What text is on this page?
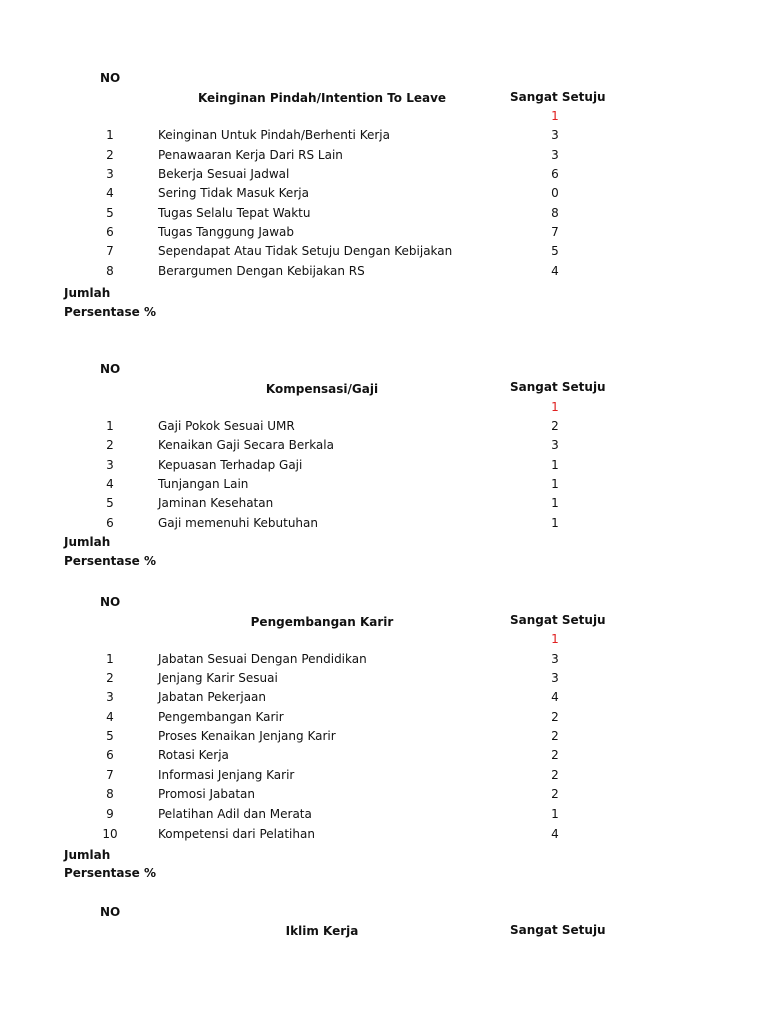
NO
Keinginan Pindah/Intention To Leave	Sangat Setuju
1
1	Keinginan Untuk Pindah/Berhenti Kerja	3
2	Penawaaran Kerja Dari RS Lain	3
3	Bekerja Sesuai Jadwal	6
4	Sering Tidak Masuk Kerja	0
5	Tugas Selalu Tepat Waktu	8
6	Tugas Tanggung Jawab	7
7	Sependapat Atau Tidak Setuju Dengan Kebijakan	5
8	Berargumen Dengan Kebijakan RS	4
Jumlah
Persentase %
NO
Kompensasi/Gaji	Sangat Setuju
1
1	Gaji Pokok Sesuai UMR	2
2	Kenaikan Gaji Secara Berkala	3
3	Kepuasan Terhadap Gaji	1
4	Tunjangan Lain	1
5	Jaminan Kesehatan	1
6	Gaji memenuhi Kebutuhan	1
Jumlah
Persentase %
NO
Pengembangan Karir	Sangat Setuju
1
1	Jabatan Sesuai Dengan Pendidikan	3
2	Jenjang Karir Sesuai	3
3	Jabatan Pekerjaan	4
4	Pengembangan Karir	2
5	Proses Kenaikan Jenjang Karir	2
6	Rotasi Kerja	2
7	Informasi Jenjang Karir	2
8	Promosi Jabatan	2
9	Pelatihan Adil dan Merata	1
10	Kompetensi dari Pelatihan	4
Jumlah
Persentase %
NO
Iklim Kerja	Sangat Setuju
